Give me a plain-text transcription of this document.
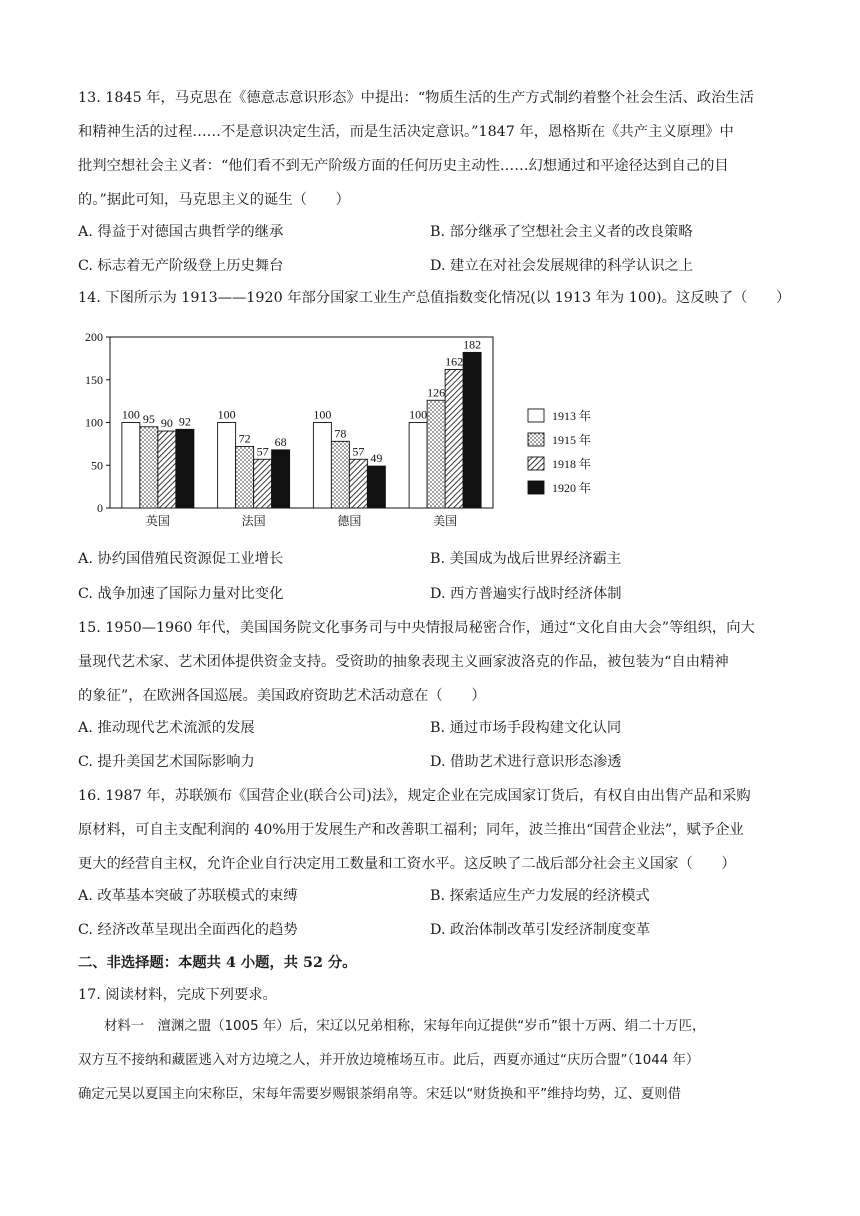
13. 1845 年，马克思在《德意志意识形态》中提出：“物质生活的生产方式制约着整个社会生活、政治生活
和精神生活的过程……不是意识决定生活，而是生活决定意识。”1847 年，恩格斯在《共产主义原理》中
批判空想社会主义者：“他们看不到无产阶级方面的任何历史主动性……幻想通过和平途径达到自己的目
的。”据此可知，马克思主义的诞生（　　）
A. 得益于对德国古典哲学的继承	B. 部分继承了空想社会主义者的改良策略
C. 标志着无产阶级登上历史舞台	D. 建立在对社会发展规律的科学认识之上
14. 下图所示为 1913——1920 年部分国家工业生产总值指数变化情况(以 1913 年为 100)。这反映了（　　）
0
50
100
150
200
英国	法国	德国	美国
100 95 90 92 100
72
57
68
100
78
57 49
100
126
162
182
1913 年
1915 年
1918 年
1920 年
A. 协约国借殖民资源促工业增长	B. 美国成为战后世界经济霸主
C. 战争加速了国际力量对比变化	D. 西方普遍实行战时经济体制
15. 1950—1960 年代，美国国务院文化事务司与中央情报局秘密合作，通过“文化自由大会”等组织，向大
量现代艺术家、艺术团体提供资金支持。受资助的抽象表现主义画家波洛克的作品，被包装为“自由精神
的象征”，在欧洲各国巡展。美国政府资助艺术活动意在（　　）
A. 推动现代艺术流派的发展	B. 通过市场手段构建文化认同
C. 提升美国艺术国际影响力	D. 借助艺术进行意识形态渗透
16. 1987 年，苏联颁布《国营企业(联合公司)法》，规定企业在完成国家订货后，有权自由出售产品和采购
原材料，可自主支配利润的 40%用于发展生产和改善职工福利；同年，波兰推出“国营企业法”，赋予企业
更大的经营自主权，允许企业自行决定用工数量和工资水平。这反映了二战后部分社会主义国家（　　）
A. 改革基本突破了苏联模式的束缚	B. 探索适应生产力发展的经济模式
C. 经济改革呈现出全面西化的趋势	D. 政治体制改革引发经济制度变革
二、非选择题：本题共 4 小题，共 52 分。
17. 阅读材料，完成下列要求。
材料一　澶渊之盟（1005 年）后，宋辽以兄弟相称，宋每年向辽提供“岁币”银十万两、绢二十万匹，
双方互不接纳和藏匿逃入对方边境之人，并开放边境榷场互市。此后，西夏亦通过“庆历合盟”（1044 年）
确定元昊以夏国主向宋称臣，宋每年需要岁赐银茶绢帛等。宋廷以“财货换和平”维持均势，辽、夏则借
